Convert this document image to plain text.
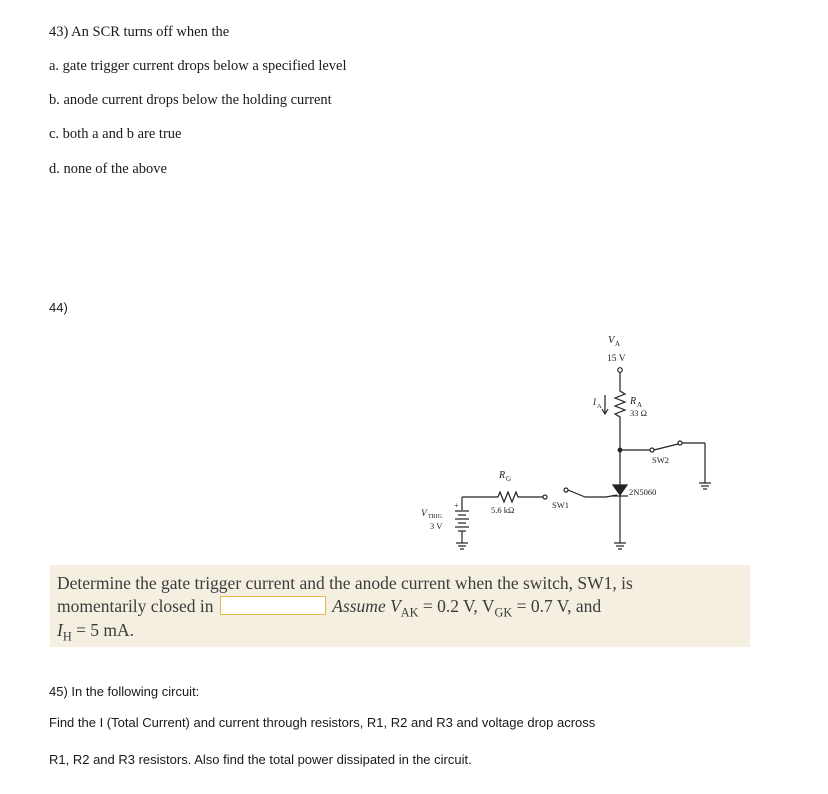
43) An SCR turns off when the
a. gate trigger current drops below a specified level
b. anode current drops below the holding current
c. both a and b are true
d. none of the above
44)
V A
15 V
R A
33 Ω
I A
SW2
2N5060
R G
5.6 kΩ	SW1
V TRIG
3 V
+
Determine the gate trigger current and the anode current when the switch, SW1, is
momentarily closed in	Assume $V_{AK} = 0.2$ V, $V_{GK} = 0.7$ V, and
$I_H = 5$ mA.
45) In the following circuit:
Find the I (Total Current) and current through resistors, R1, R2 and R3 and voltage drop across
R1, R2 and R3 resistors. Also find the total power dissipated in the circuit.
